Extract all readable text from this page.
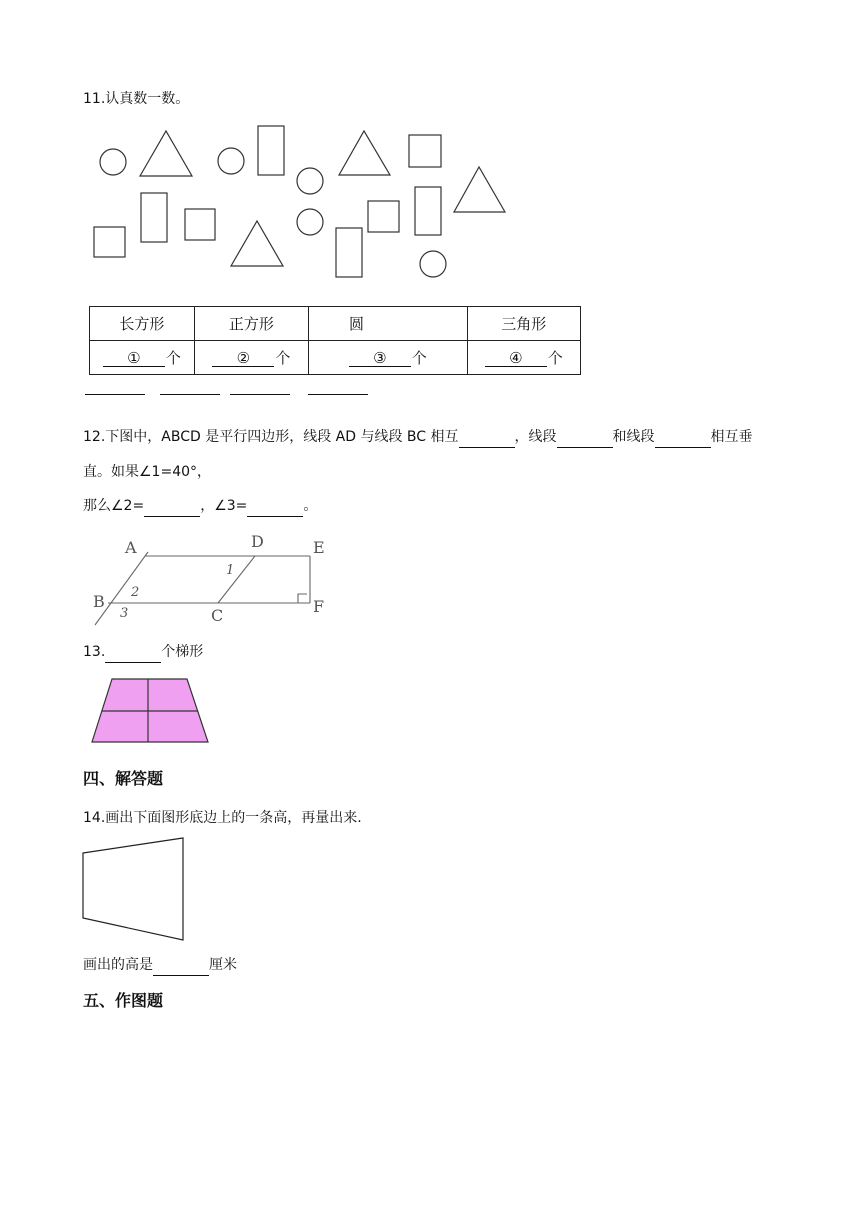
11.认真数一数。
长方形	正方形	圆	三角形
① 个	② 个	③ 个	④ 个
12.下图中，ABCD 是平行四边形，线段 AD 与线段 BC 相互	，线段	和线段	相互垂
直。如果∠1=40°，
那么∠2=	，∠3=	。
A	D	E
B
C	F
1
2
3
13.	个梯形
四、解答题
14.画出下面图形底边上的一条高，再量出来.
画出的高是	厘米
五、作图题
